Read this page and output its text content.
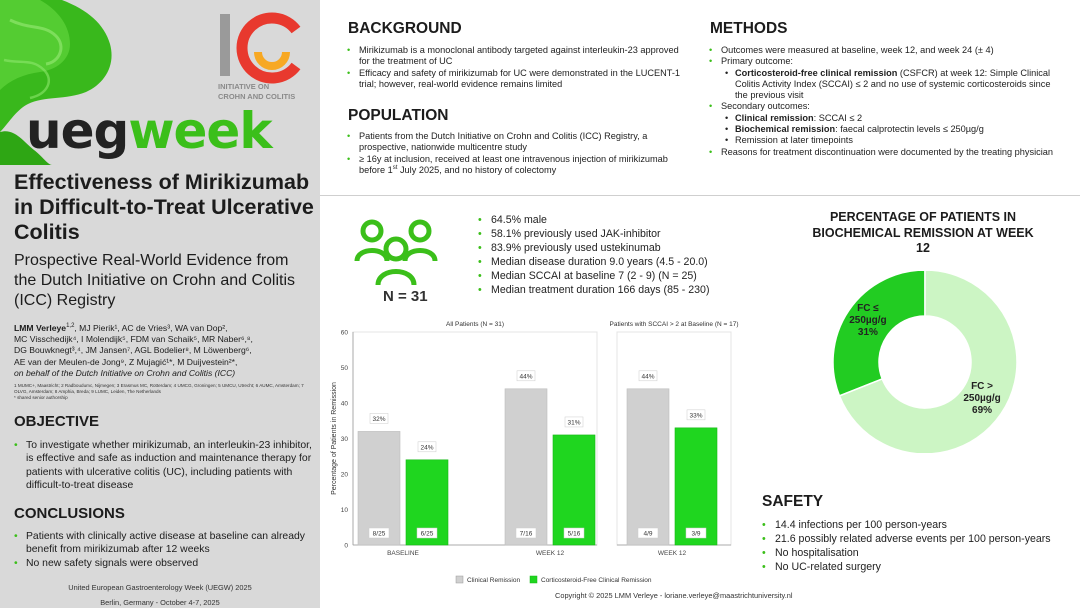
INITIATIVE ON
CROHN AND COLITIS
uegweek
Effectiveness of Mirikizumab in Difficult-to-Treat Ulcerative Colitis
Prospective Real-World Evidence from the Dutch Initiative on Crohn and Colitis (ICC) Registry
LMM Verleye$^{1,2}$, MJ Pierik¹, AC de Vries³, WA van Dop²,
MC Visschedijk⁴, I Molendijk⁵, FDM van Schaik⁵, MR Naber⁶,⁸,
DG Bouwknegt³,⁴, JM Jansen⁷, AGL Bodelier⁸, M Löwenberg⁶,
AE van der Meulen-de Jong⁹, Z Mujagić¹*, M Duijvestein²*,
on behalf of the Dutch Initiative on Crohn and Colitis (ICC)
1 MUMC+, Maastricht; 2 Radboudumc, Nijmegen; 3 Erasmus MC, Rotterdam; 4 UMCG, Groningen; 5 UMCU, Utrecht; 6 AUMC, Amsterdam; 7 OLVG, Amsterdam; 8 Amphia, Breda; 9 LUMC, Leiden, The Netherlands
* shared senior authorship
OBJECTIVE
• To investigate whether mirikizumab, an interleukin-23 inhibitor, is effective and safe as induction and maintenance therapy for patients with ulcerative colitis (UC), including patients with difficult-to-treat disease
CONCLUSIONS
• Patients with clinically active disease at baseline can already benefit from mirikizumab after 12 weeks
• No new safety signals were observed
United European Gastroenterology Week (UEGW) 2025
Berlin, Germany - October 4-7, 2025
BACKGROUND
• Mirikizumab is a monoclonal antibody targeted against interleukin-23 approved for the treatment of UC
• Efficacy and safety of mirikizumab for UC were demonstrated in the LUCENT-1 trial; however, real-world evidence remains limited
POPULATION
• Patients from the Dutch Initiative on Crohn and Colitis (ICC) Registry, a prospective, nationwide multicentre study
• ≥ 16y at inclusion, received at least one intravenous injection of mirikizumab before 1st July 2025, and no history of colectomy
METHODS
• Outcomes were measured at baseline, week 12, and week 24 (± 4)
• Primary outcome:
• Corticosteroid-free clinical remission (CSFCR) at week 12: Simple Clinical Colitis Activity Index (SCCAI) ≤ 2 and no use of systemic corticosteroids since the previous visit
• Secondary outcomes:
• Clinical remission: SCCAI ≤ 2
• Biochemical remission: faecal calprotectin levels ≤ 250µg/g
• Remission at later timepoints
• Reasons for treatment discontinuation were documented by the treating physician
N = 31
• 64.5% male
• 58.1% previously used JAK-inhibitor
• 83.9% previously used ustekinumab
• Median disease duration 9.0 years (4.5 - 20.0)
• Median SCCAI at baseline 7 (2 - 9) (N = 25)
• Median treatment duration 166 days (85 - 230)
All Patients (N = 31)	Patients with SCCAI > 2 at Baseline (N = 17)
0
10
20
30
40
50
60
Percentage of Patients in Remission	32%
8/25
24%
6/25
BASELINE
44%
7/16
31%
5/16
WEEK 12
44%
4/9
33%
3/9
WEEK 12
Clinical Remission	Corticosteroid-Free Clinical Remission
PERCENTAGE OF PATIENTS IN BIOCHEMICAL REMISSION AT WEEK 12
FC ≤
250µg/g
31%
FC >
250µg/g
69%
SAFETY
• 14.4 infections per 100 person-years
• 21.6 possibly related adverse events per 100 person-years
• No hospitalisation
• No UC-related surgery
Copyright © 2025 LMM Verleye - loriane.verleye@maastrichtuniversity.nl
